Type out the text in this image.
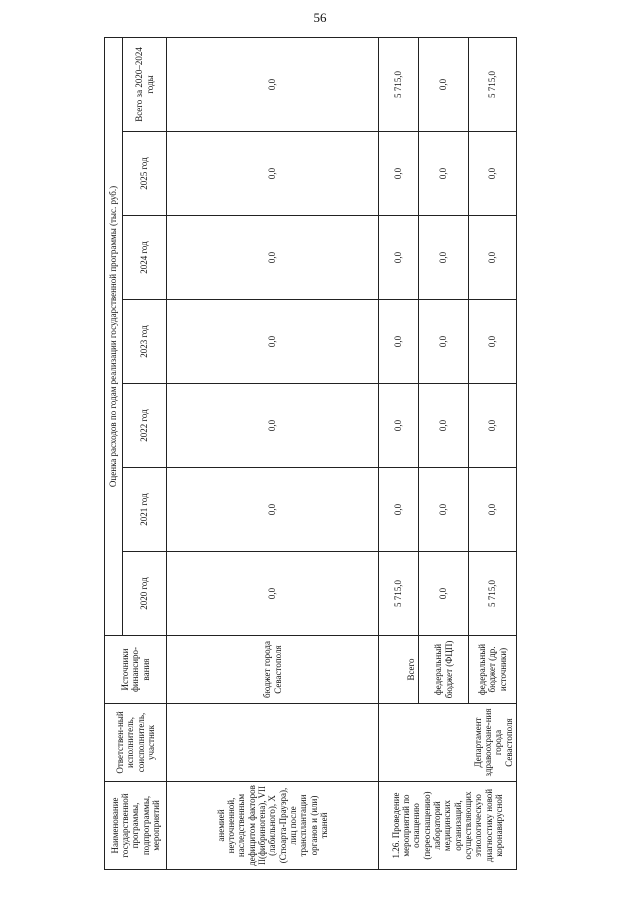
56
Наименование государственной программы, подпрограммы, мероприятий	Ответствен-ный исполнитель, соисполнитель, участник	Источники финансиро-вания	Оценка расходов по годам реализации государственной программы (тыс. руб.)						
			2020 год	2021 год	2022 год	2023 год	2024 год	2025 год	Всего за 2020–2024 годы
анемией неуточненной, наследственным дефицитом факторов II(фибриногена), VII (лабильного), X (Стюарта-Прауэра), лиц после трансплантации органов и (или) тканей		бюджет города Севастополя	0,0	0,0	0,0	0,0	0,0	0,0	0,0
1.26. Проведение мероприятий по оснащению (переоснащению) лабораторий медицинских организаций, осуществляющих этиологическую диагностику новой коронавирусной	Департамент здравоохране-ния города Севастополя	Всего	5 715,0	0,0	0,0	0,0	0,0	0,0	5 715,0
		федеральный бюджет (ФЦП)	0,0	0,0	0,0	0,0	0,0	0,0	0,0
		федеральный бюджет (др. источники)	5 715,0	0,0	0,0	0,0	0,0	0,0	5 715,0
